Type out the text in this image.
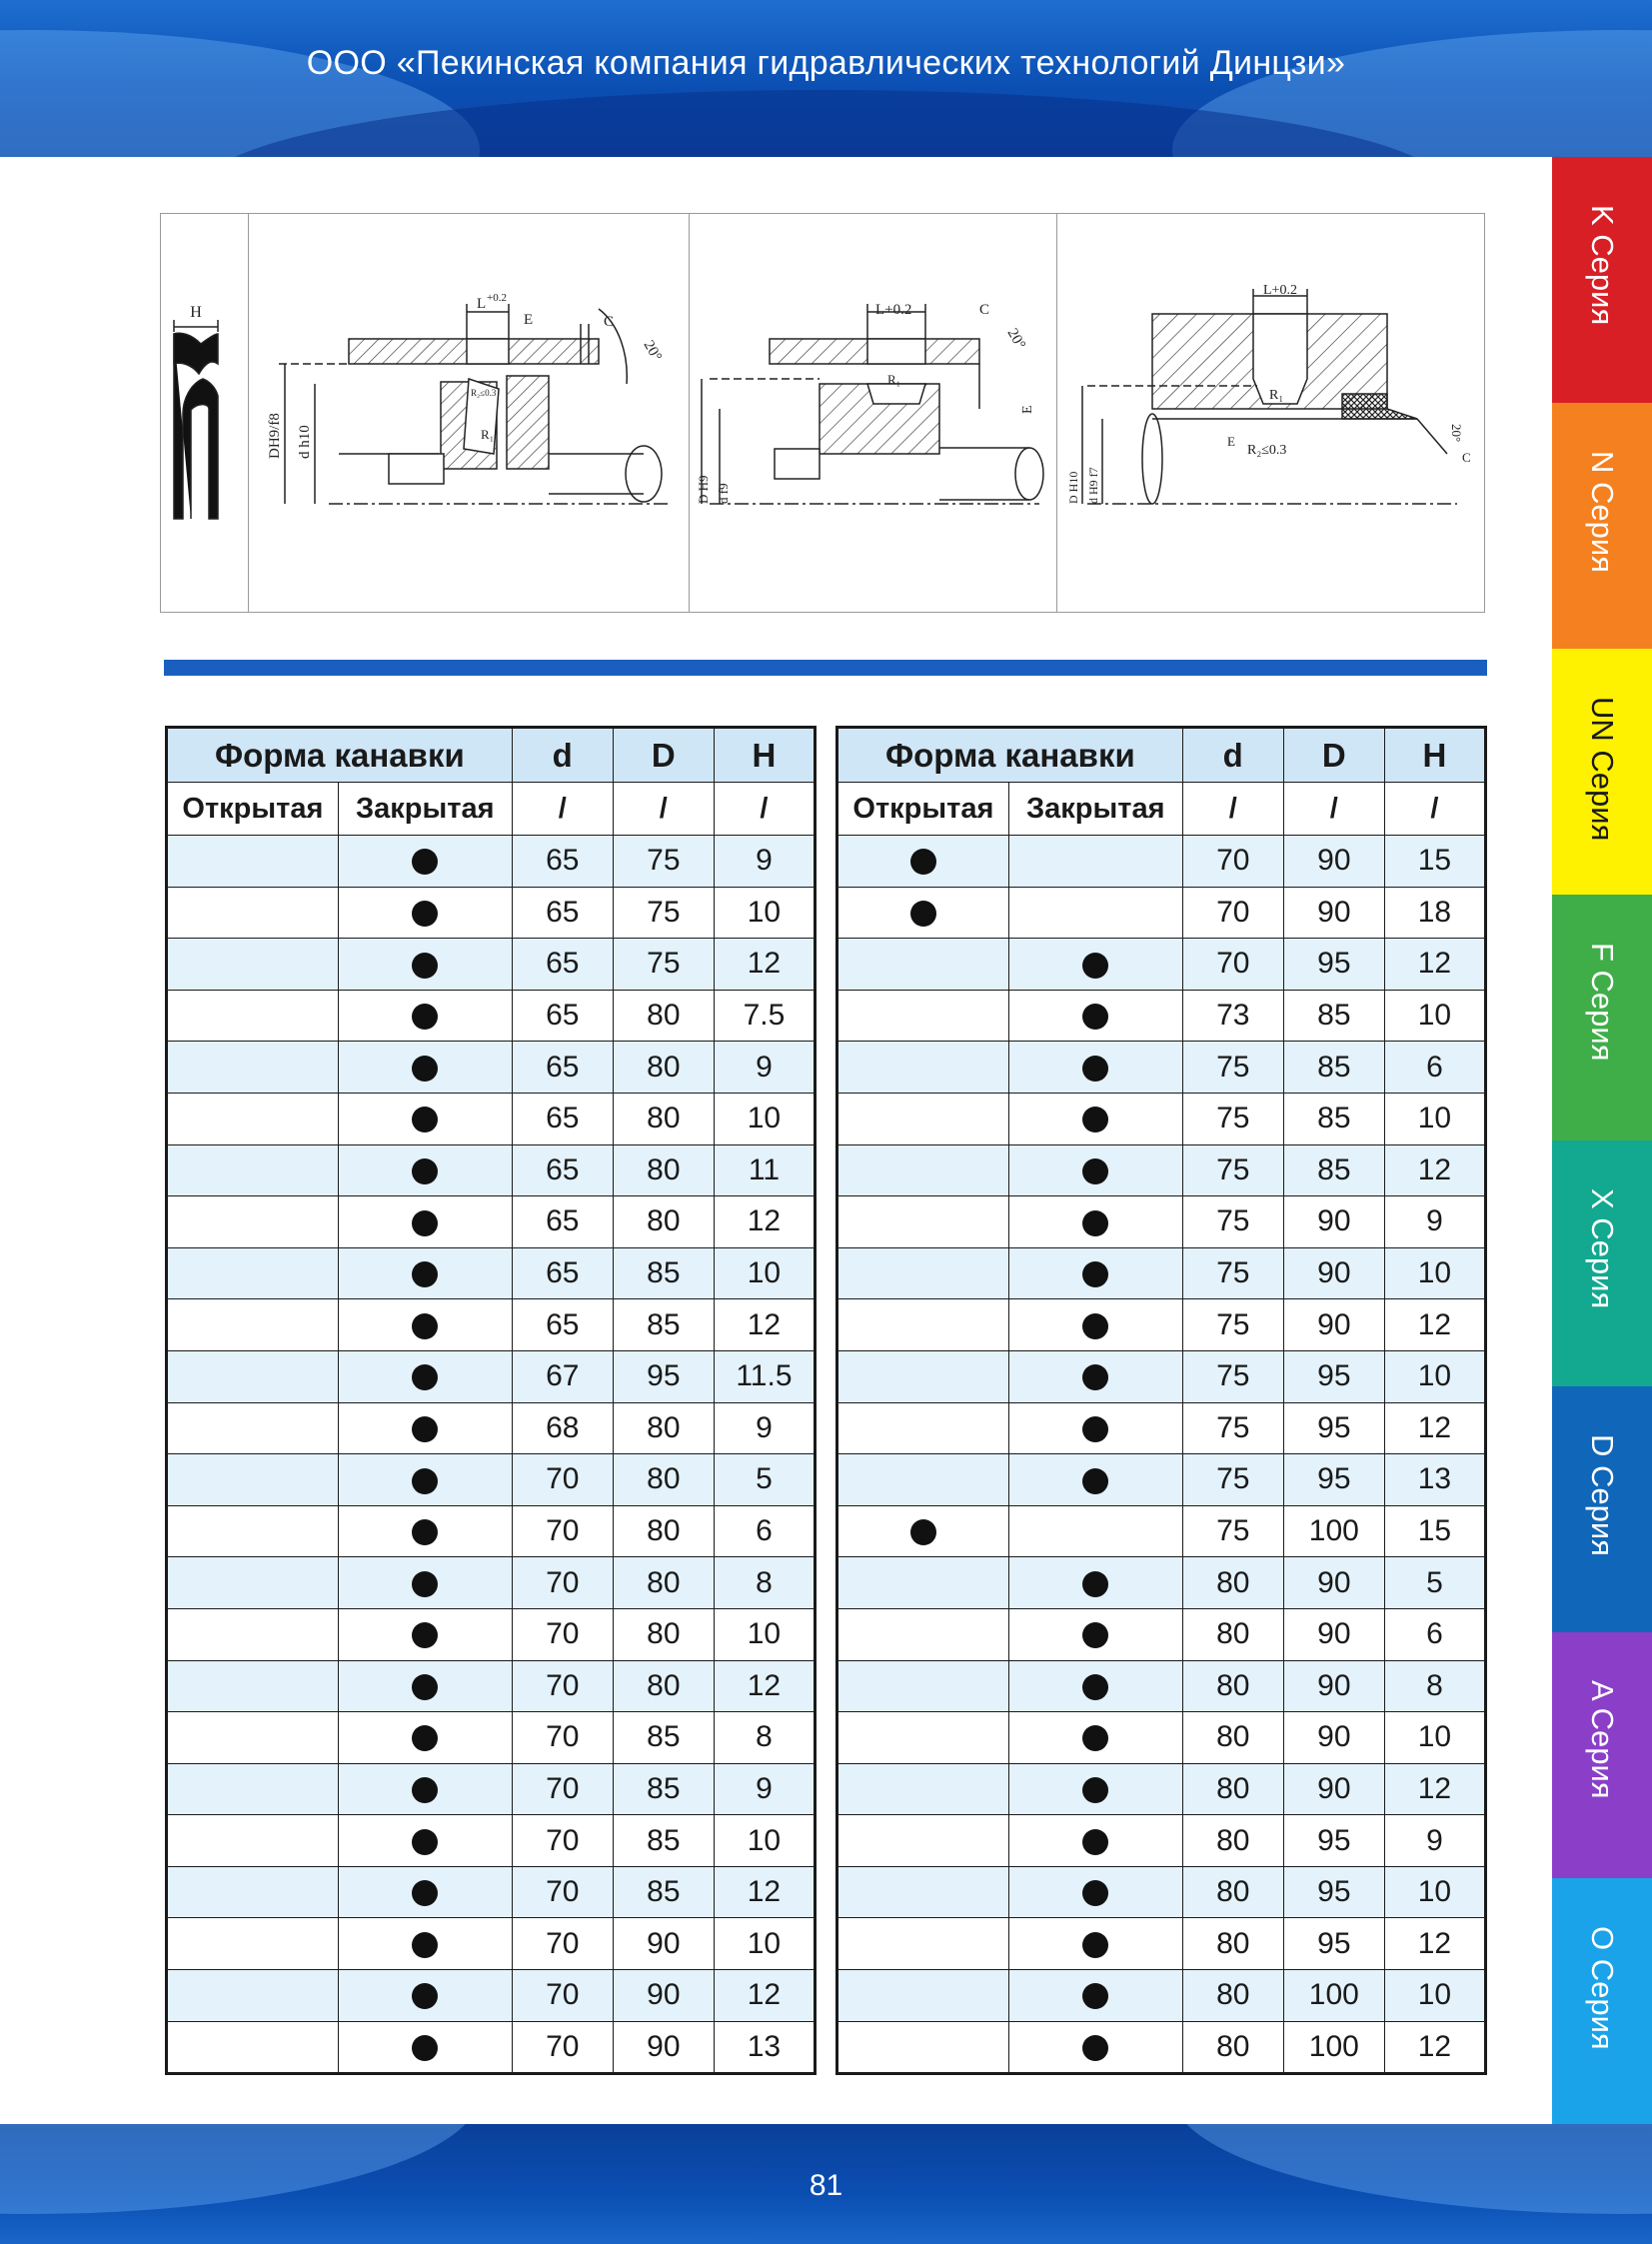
ООО «Пекинская компания гидравлических технологий Динцзи»
K Серия
N Серия
UN Серия
F Серия
X Серия
D Серия
A Серия
O Серия
H	L +0.2
E	C
20°
R₂≤0.3
R₁
DH9/f8 d h10
L+0.2	C
20°
R₁
E
D H9 d f9
L+0.2
R₁
E
R₂≤0.3
20°
C
D H10 d H9 f7
Форма канавки		d	D	H
Открытая	Закрытая	/	/	/
		65	75	9
		65	75	10
		65	75	12
		65	80	7.5
		65	80	9
		65	80	10
		65	80	11
		65	80	12
		65	85	10
		65	85	12
		67	95	11.5
		68	80	9
		70	80	5
		70	80	6
		70	80	8
		70	80	10
		70	80	12
		70	85	8
		70	85	9
		70	85	10
		70	85	12
		70	90	10
		70	90	12
		70	90	13
Форма канавки		d	D	H
Открытая	Закрытая	/	/	/
		70	90	15
		70	90	18
		70	95	12
		73	85	10
		75	85	6
		75	85	10
		75	85	12
		75	90	9
		75	90	10
		75	90	12
		75	95	10
		75	95	12
		75	95	13
		75	100	15
		80	90	5
		80	90	6
		80	90	8
		80	90	10
		80	90	12
		80	95	9
		80	95	10
		80	95	12
		80	100	10
		80	100	12
81
